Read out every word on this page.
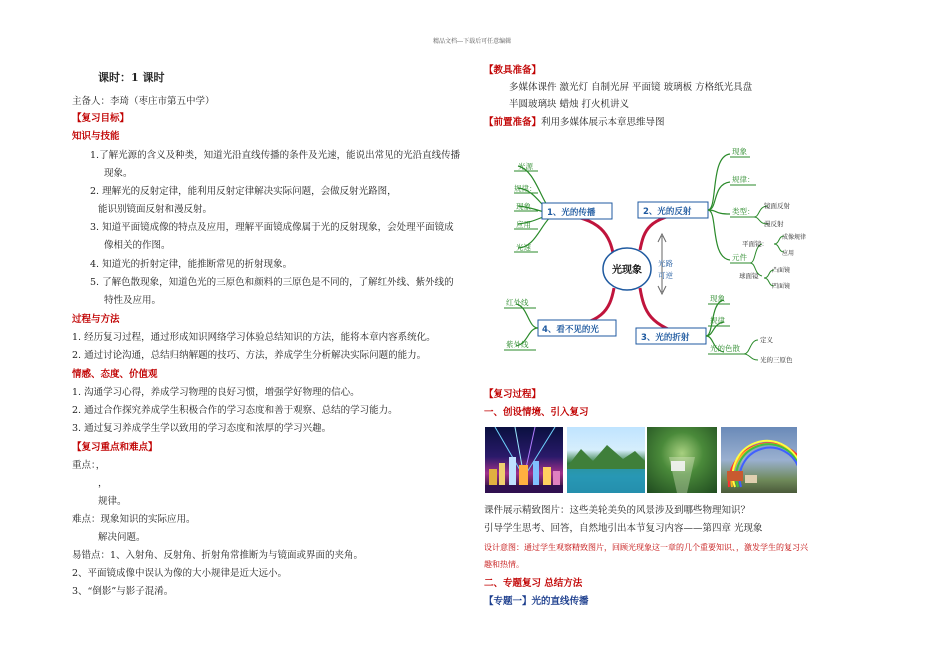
精品文档---下载后可任意编辑
课时：1 课时
主备人：李琦（枣庄市第五中学）
【复习目标】
知识与技能
1.了解光源的含义及种类，知道光沿直线传播的条件及光速，能说出常见的光沿直线传播
现象。
2. 理解光的反射定律，能利用反射定律解决实际问题，会做反射光路图，
能识别镜面反射和漫反射。
3. 知道平面镜成像的特点及应用，理解平面镜成像属于光的反射现象，会处理平面镜成
像相关的作图。
4. 知道光的折射定律，能推断常见的折射现象。
5. 了解色散现象，知道色光的三原色和颜料的三原色是不同的，了解红外线、紫外线的
特性及应用。
过程与方法
1. 经历复习过程，通过形成知识网络学习体验总结知识的方法，能将本章内容系统化。
2. 通过讨论沟通，总结归纳解题的技巧、方法，养成学生分析解决实际问题的能力。
情感、态度、价值观
1. 沟通学习心得，养成学习物理的良好习惯，增强学好物理的信心。
2. 通过合作探究养成学生积极合作的学习态度和善于观察、总结的学习能力。
3. 通过复习养成学生学以致用的学习态度和浓厚的学习兴趣。
【复习重点和难点】
重点：，
，
规律。
难点：现象知识的实际应用。
解决问题。
易错点：1、入射角、反射角、折射角常推断为与镜面或界面的夹角。
2、平面镜成像中误认为像的大小规律是近大远小。
3、“倒影”与影子混淆。
【教具准备】
多媒体课件 激光灯 自制光屏 平面镜 玻璃板 方格纸光具盘
半圆玻璃块 蜡烛 打火机讲义
【前置准备】利用多媒体展示本章思维导图
光源
规律：
现象
应用
光速
1、光的传播	2、光的反射
现象
规律：
类型：
元件
镜面反射
漫反射
平面镜：
球面镜
成像规律
应用
凸面镜
凹面镜
光现象
光路
可逆
3、光的折射
现象
规律
光的色散
定义
光的三原色
4、看不见的光
红外线
紫外线
【复习过程】
一、创设情境、引入复习
课件展示精致图片：这些美轮美奂的风景涉及到哪些物理知识？
引导学生思考、回答，自然地引出本节复习内容——第四章 光现象
设计意图：通过学生观察精致图片，回顾光现象这一章的几个重要知识、，激发学生的复习兴
趣和热情。
二、专题复习 总结方法
【专题一】光的直线传播
